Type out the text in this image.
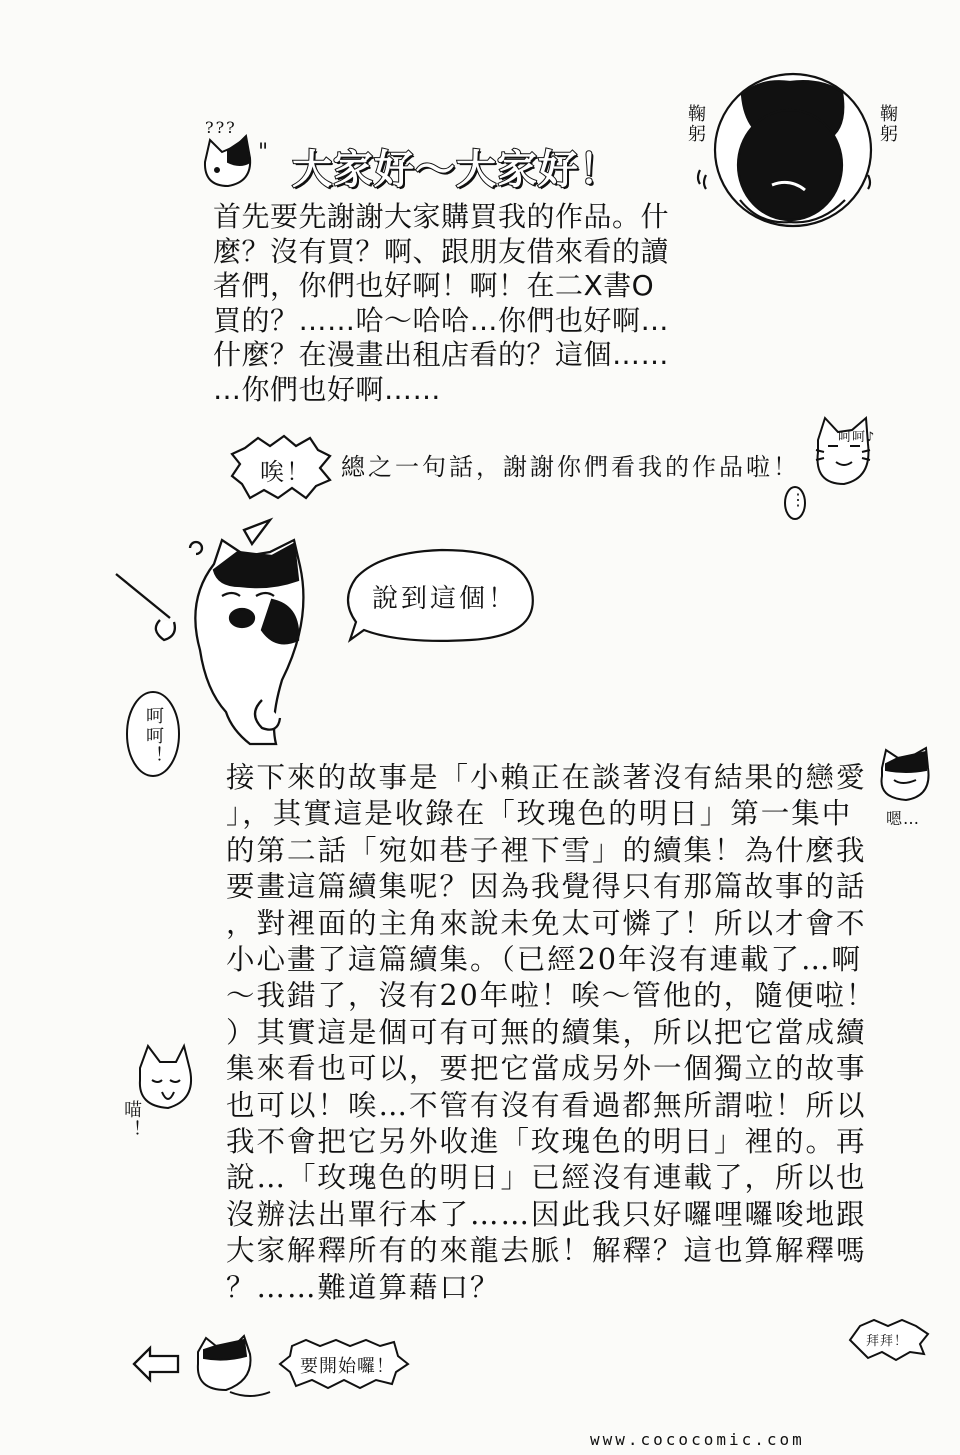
???
" 大家好～大家好！

首先要先謝謝大家購買我的作品。什

麼？沒有買？啊、跟朋友借來看的讀

者們，你們也好啊！啊！在二X書O

買的？……哈～哈哈…你們也好啊…

什麼？在漫畫出租店看的？這個……

…你們也好啊……

鞠躬	鞠躬
唉！ 總之一句話，謝謝你們看我的作品啦！
呵呵♪
⋮
說到這個！
呵呵！

接下來的故事是「小賴正在談著沒有結果的戀愛

」，其實這是收錄在「玫瑰色的明日」第一集中

的第二話「宛如巷子裡下雪」的續集！為什麼我

要畫這篇續集呢？因為我覺得只有那篇故事的話

，對裡面的主角來說未免太可憐了！所以才會不

小心畫了這篇續集。（已經20年沒有連載了…啊

～我錯了，沒有20年啦！唉～管他的，隨便啦！

）其實這是個可有可無的續集，所以把它當成續

集來看也可以，要把它當成另外一個獨立的故事

也可以！唉…不管有沒有看過都無所謂啦！所以

我不會把它另外收進「玫瑰色的明日」裡的。再

說…「玫瑰色的明日」已經沒有連載了，所以也

沒辦法出單行本了……因此我只好囉哩囉唆地跟

大家解釋所有的來龍去脈！解釋？這也算解釋嗎

？……難道算藉口？

嗯…
喵！
要開始囉！
拜拜！
www.cococomic.com
